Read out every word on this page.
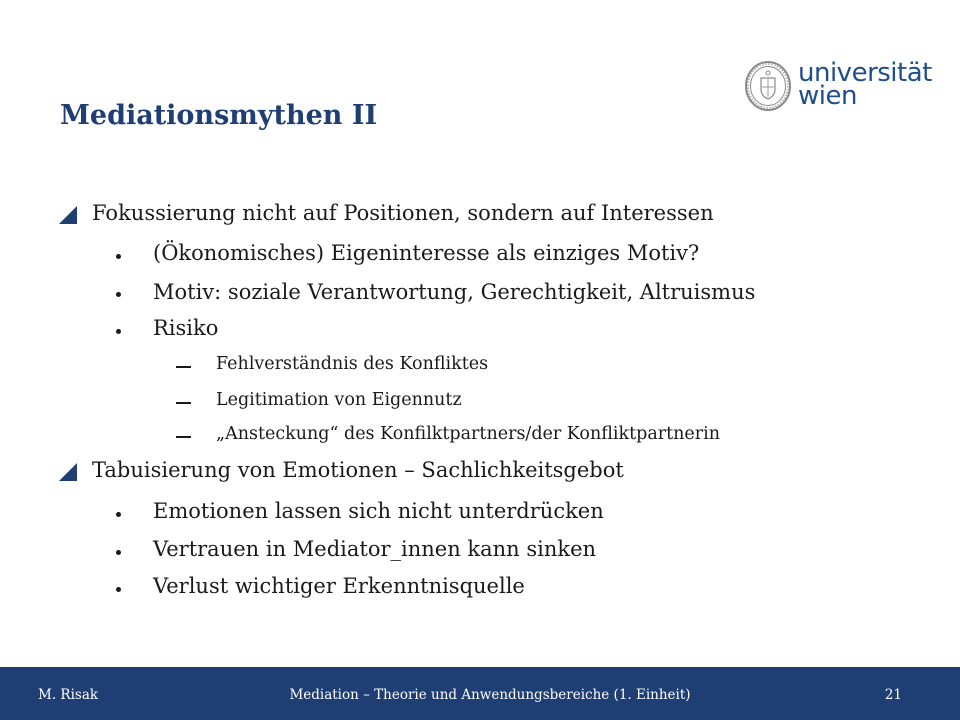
universität
wien
Mediationsmythen II
Fokussierung nicht auf Positionen, sondern auf Interessen
(Ökonomisches) Eigeninteresse als einziges Motiv?
Motiv: soziale Verantwortung, Gerechtigkeit, Altruismus
Risiko
Fehlverständnis des Konfliktes
Legitimation von Eigennutz
„Ansteckung“ des Konfilktpartners/der Konfliktpartnerin
Tabuisierung von Emotionen – Sachlichkeitsgebot
Emotionen lassen sich nicht unterdrücken
Vertrauen in Mediator_innen kann sinken
Verlust wichtiger Erkenntnisquelle
M. Risak	Mediation – Theorie und Anwendungsbereiche (1. Einheit)	21
